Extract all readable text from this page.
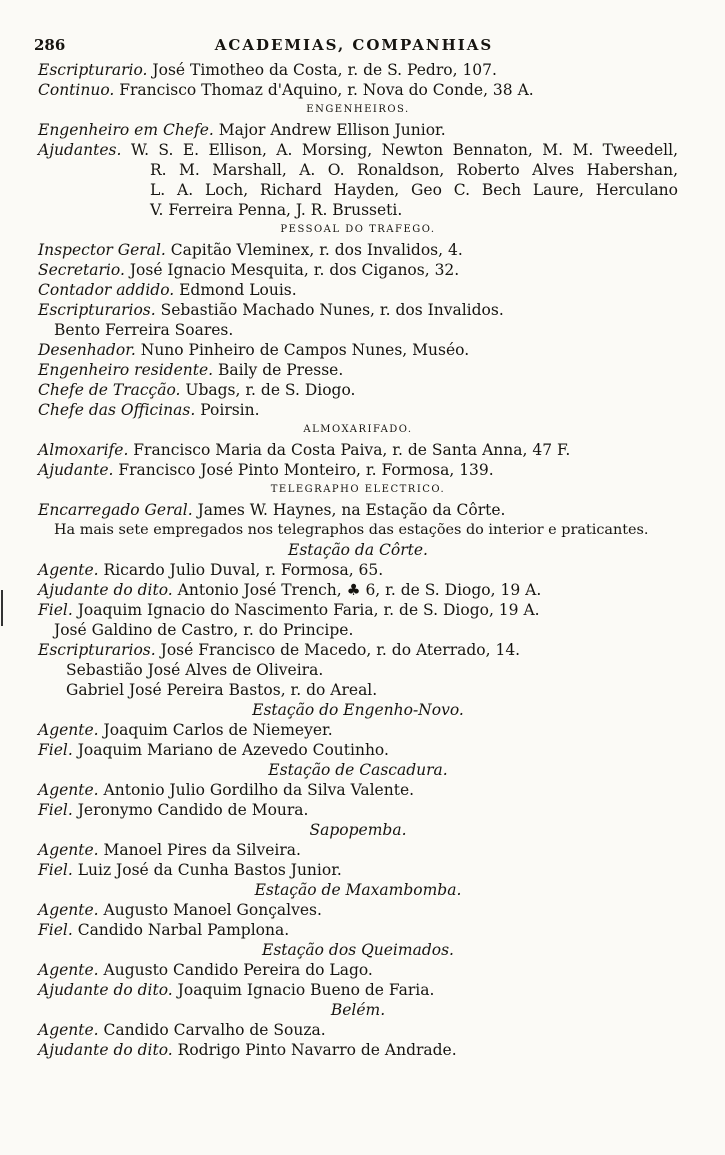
286	ACADEMIAS, COMPANHIAS
Escripturario. José Timotheo da Costa, r. de S. Pedro, 107.
Continuo. Francisco Thomaz d'Aquino, r. Nova do Conde, 38 A.
ENGENHEIROS.
Engenheiro em Chefe. Major Andrew Ellison Junior.
Ajudantes. W. S. E. Ellison, A. Morsing, Newton Bennaton, M. M. Tweedell,
R. M. Marshall, A. O. Ronaldson, Roberto Alves Habershan,
L. A. Loch, Richard Hayden, Geo C. Bech Laure, Herculano
V. Ferreira Penna, J. R. Brusseti.
PESSOAL DO TRAFEGO.
Inspector Geral. Capitão Vleminex, r. dos Invalidos, 4.
Secretario. José Ignacio Mesquita, r. dos Ciganos, 32.
Contador addido. Edmond Louis.
Escripturarios. Sebastião Machado Nunes, r. dos Invalidos.
Bento Ferreira Soares.
Desenhador. Nuno Pinheiro de Campos Nunes, Muséo.
Engenheiro residente. Baily de Presse.
Chefe de Tracção. Ubags, r. de S. Diogo.
Chefe das Officinas. Poirsin.
ALMOXARIFADO.
Almoxarife. Francisco Maria da Costa Paiva, r. de Santa Anna, 47 F.
Ajudante. Francisco José Pinto Monteiro, r. Formosa, 139.
TELEGRAPHO ELECTRICO.
Encarregado Geral. James W. Haynes, na Estação da Côrte.
Ha mais sete empregados nos telegraphos das estações do interior e praticantes.
Estação da Côrte.
Agente. Ricardo Julio Duval, r. Formosa, 65.
Ajudante do dito. Antonio José Trench, ♣ 6, r. de S. Diogo, 19 A.
Fiel. Joaquim Ignacio do Nascimento Faria, r. de S. Diogo, 19 A.
José Galdino de Castro, r. do Principe.
Escripturarios. José Francisco de Macedo, r. do Aterrado, 14.
Sebastião José Alves de Oliveira.
Gabriel José Pereira Bastos, r. do Areal.
Estação do Engenho-Novo.
Agente. Joaquim Carlos de Niemeyer.
Fiel. Joaquim Mariano de Azevedo Coutinho.
Estação de Cascadura.
Agente. Antonio Julio Gordilho da Silva Valente.
Fiel. Jeronymo Candido de Moura.
Sapopemba.
Agente. Manoel Pires da Silveira.
Fiel. Luiz José da Cunha Bastos Junior.
Estação de Maxambomba.
Agente. Augusto Manoel Gonçalves.
Fiel. Candido Narbal Pamplona.
Estação dos Queimados.
Agente. Augusto Candido Pereira do Lago.
Ajudante do dito. Joaquim Ignacio Bueno de Faria.
Belém.
Agente. Candido Carvalho de Souza.
Ajudante do dito. Rodrigo Pinto Navarro de Andrade.
